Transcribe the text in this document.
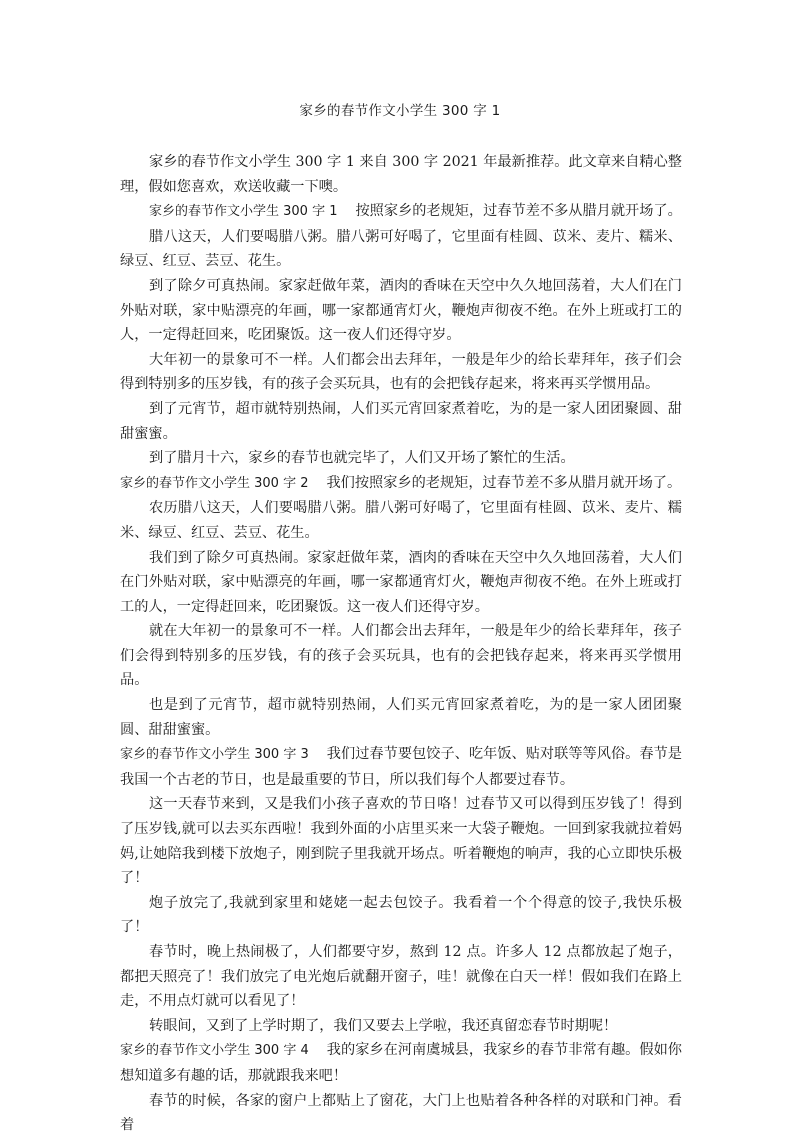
家乡的春节作文小学生 300 字 1

家乡的春节作文小学生 300 字 1 来自 300 字 2021 年最新推荐。此文章来自精心整理，假如您喜欢，欢送收藏一下噢。

家乡的春节作文小学生 300 字 1 按照家乡的老规矩，过春节差不多从腊月就开场了。

腊八这天，人们要喝腊八粥。腊八粥可好喝了，它里面有桂圆、苡米、麦片、糯米、绿豆、红豆、芸豆、花生。

到了除夕可真热闹。家家赶做年菜，酒肉的香味在天空中久久地回荡着，大人们在门外贴对联，家中贴漂亮的年画，哪一家都通宵灯火，鞭炮声彻夜不绝。在外上班或打工的人，一定得赶回来，吃团聚饭。这一夜人们还得守岁。

大年初一的景象可不一样。人们都会出去拜年，一般是年少的给长辈拜年，孩子们会得到特别多的压岁钱，有的孩子会买玩具，也有的会把钱存起来，将来再买学惯用品。

到了元宵节，超市就特别热闹，人们买元宵回家煮着吃，为的是一家人团团聚圆、甜甜蜜蜜。

到了腊月十六，家乡的春节也就完毕了，人们又开场了繁忙的生活。

家乡的春节作文小学生 300 字 2 我们按照家乡的老规矩，过春节差不多从腊月就开场了。

农历腊八这天，人们要喝腊八粥。腊八粥可好喝了，它里面有桂圆、苡米、麦片、糯米、绿豆、红豆、芸豆、花生。

我们到了除夕可真热闹。家家赶做年菜，酒肉的香味在天空中久久地回荡着，大人们在门外贴对联，家中贴漂亮的年画，哪一家都通宵灯火，鞭炮声彻夜不绝。在外上班或打工的人，一定得赶回来，吃团聚饭。这一夜人们还得守岁。

就在大年初一的景象可不一样。人们都会出去拜年，一般是年少的给长辈拜年，孩子们会得到特别多的压岁钱，有的孩子会买玩具，也有的会把钱存起来，将来再买学惯用品。

也是到了元宵节，超市就特别热闹，人们买元宵回家煮着吃，为的是一家人团团聚圆、甜甜蜜蜜。

家乡的春节作文小学生 300 字 3 我们过春节要包饺子、吃年饭、贴对联等等风俗。春节是我国一个古老的节日，也是最重要的节日，所以我们每个人都要过春节。

这一天春节来到，又是我们小孩子喜欢的节日咯！过春节又可以得到压岁钱了！得到了压岁钱,就可以去买东西啦！我到外面的小店里买来一大袋子鞭炮。一回到家我就拉着妈妈,让她陪我到楼下放炮子，刚到院子里我就开场点。听着鞭炮的响声，我的心立即快乐极了！

炮子放完了,我就到家里和姥姥一起去包饺子。我看着一个个得意的饺子,我快乐极了！

春节时，晚上热闹极了，人们都要守岁，熬到 12 点。许多人 12 点都放起了炮子，都把天照亮了！我们放完了电光炮后就翻开窗子，哇！就像在白天一样！假如我们在路上走，不用点灯就可以看见了！

转眼间，又到了上学时期了，我们又要去上学啦，我还真留恋春节时期呢！

家乡的春节作文小学生 300 字 4 我的家乡在河南虞城县，我家乡的春节非常有趣。假如你想知道多有趣的话，那就跟我来吧！

春节的时候，各家的窗户上都贴上了窗花，大门上也贴着各种各样的对联和门神。看着
